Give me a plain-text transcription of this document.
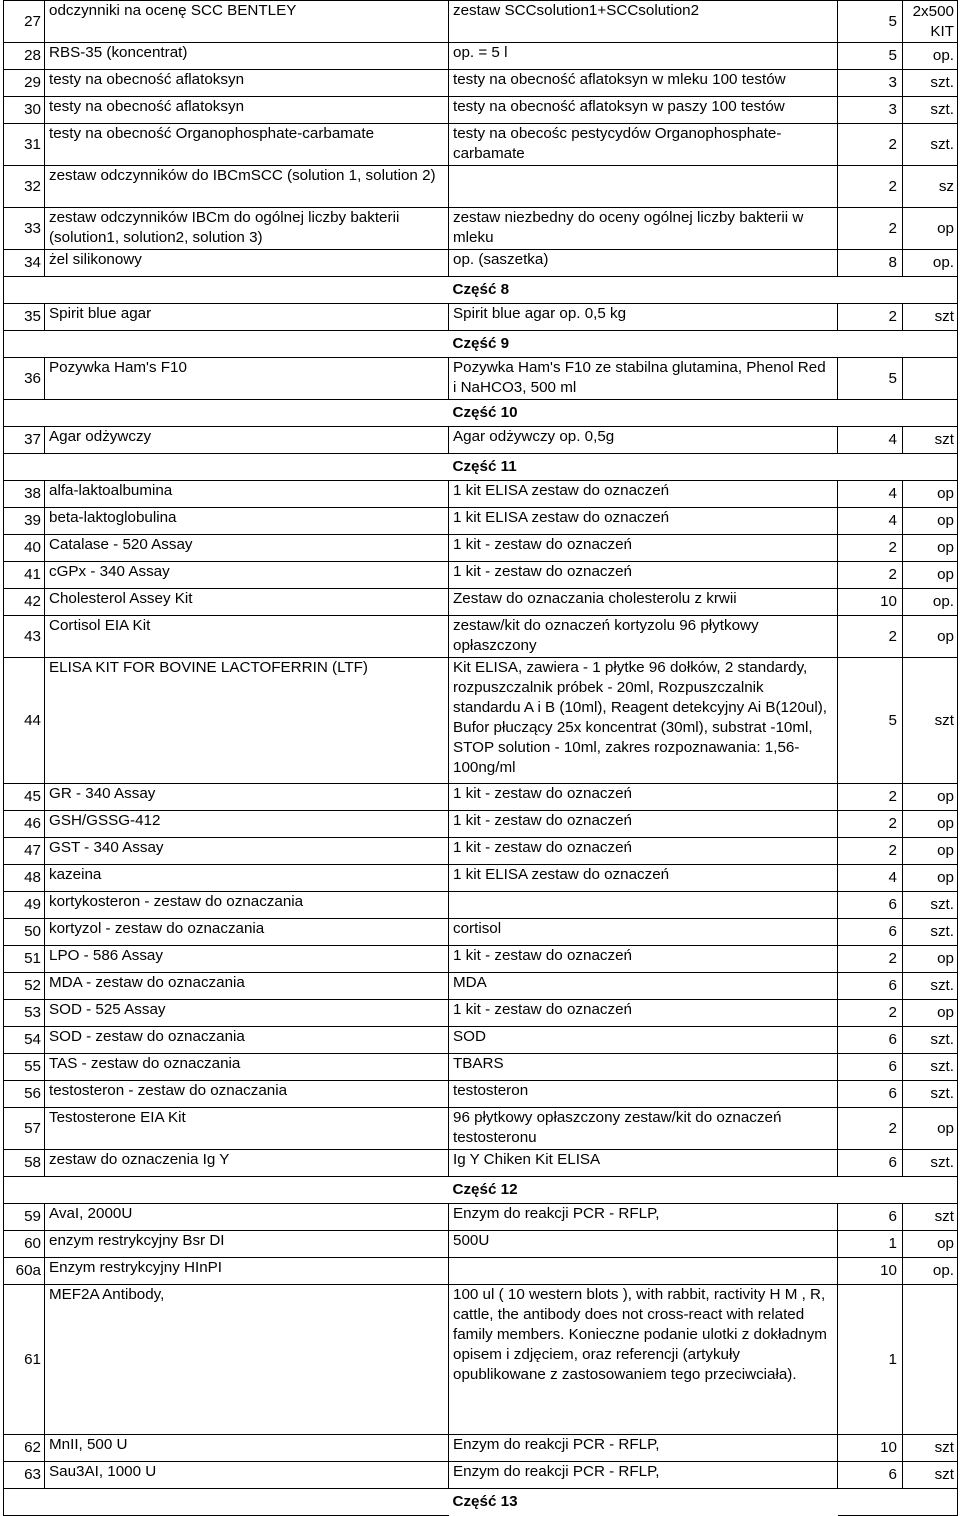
27	odczynniki na ocenę SCC BENTLEY	zestaw SCCsolution1+SCCsolution2	5	2x500 KIT
28	RBS-35 (koncentrat)	op. = 5 l	5	op.
29	testy na obecność aflatoksyn	testy na obecność aflatoksyn w mleku 100 testów	3	szt.
30	testy na obecność aflatoksyn	testy na obecność aflatoksyn w paszy 100 testów	3	szt.
31	testy na obecność Organophosphate-carbamate	testy na obecośc pestycydów Organophosphate-carbamate	2	szt.
32	zestaw odczynników do IBCmSCC (solution 1, solution 2)		2	sz
33	zestaw odczynników IBCm do ogólnej liczby bakterii (solution1, solution2, solution 3)	zestaw niezbedny do oceny ogólnej liczby bakterii w mleku	2	op
34	żel silikonowy	op. (saszetka)	8	op.
		Część 8		
35	Spirit blue agar	Spirit blue agar op. 0,5 kg	2	szt
		Część 9		
36	Pozywka Ham's F10	Pozywka Ham's F10 ze stabilna glutamina, Phenol Red i NaHCO3, 500 ml	5	
		Część 10		
37	Agar odżywczy	Agar odżywczy op. 0,5g	4	szt
		Część 11		
38	alfa-laktoalbumina	1 kit ELISA zestaw do oznaczeń	4	op
39	beta-laktoglobulina	1 kit ELISA zestaw do oznaczeń	4	op
40	Catalase - 520 Assay	1 kit - zestaw do oznaczeń	2	op
41	cGPx - 340 Assay	1 kit - zestaw do oznaczeń	2	op
42	Cholesterol Assey Kit	Zestaw do oznaczania cholesterolu z krwii	10	op.
43	Cortisol EIA Kit	zestaw/kit do oznaczeń kortyzolu 96 płytkowy opłaszczony	2	op
44	ELISA KIT FOR BOVINE LACTOFERRIN (LTF)	Kit ELISA, zawiera - 1 płytke 96 dołków, 2 standardy, rozpuszczalnik próbek - 20ml, Rozpuszczalnik standardu A i B (10ml), Reagent detekcyjny Ai B(120ul), Bufor płuczący 25x koncentrat (30ml), substrat -10ml, STOP solution - 10ml, zakres rozpoznawania: 1,56-100ng/ml	5	szt
45	GR - 340 Assay	1 kit - zestaw do oznaczeń	2	op
46	GSH/GSSG-412	1 kit - zestaw do oznaczeń	2	op
47	GST - 340 Assay	1 kit - zestaw do oznaczeń	2	op
48	kazeina	1 kit ELISA zestaw do oznaczeń	4	op
49	kortykosteron - zestaw do oznaczania		6	szt.
50	kortyzol - zestaw do oznaczania	cortisol	6	szt.
51	LPO - 586 Assay	1 kit - zestaw do oznaczeń	2	op
52	MDA - zestaw do oznaczania	MDA	6	szt.
53	SOD - 525 Assay	1 kit - zestaw do oznaczeń	2	op
54	SOD - zestaw do oznaczania	SOD	6	szt.
55	TAS - zestaw do oznaczania	TBARS	6	szt.
56	testosteron - zestaw do oznaczania	testosteron	6	szt.
57	Testosterone EIA Kit	96 płytkowy opłaszczony zestaw/kit do oznaczeń testosteronu	2	op
58	zestaw do oznaczenia Ig Y	Ig Y Chiken Kit ELISA	6	szt.
		Część 12		
59	AvaI, 2000U	Enzym do reakcji PCR - RFLP,	6	szt
60	enzym restrykcyjny Bsr DI	500U	1	op
60a	Enzym restrykcyjny HInPI		10	op.
61	MEF2A Antibody,	100 ul ( 10 western blots ), with rabbit, ractivity H M , R, cattle, the antibody does not cross-react with related family members. Konieczne podanie ulotki z dokładnym opisem i zdjęciem, oraz referencji (artykuły opublikowane z zastosowaniem tego przeciwciała).	1	
62	MnII, 500 U	Enzym do reakcji PCR - RFLP,	10	szt
63	Sau3AI, 1000 U	Enzym do reakcji PCR - RFLP,	6	szt
		Część 13		
